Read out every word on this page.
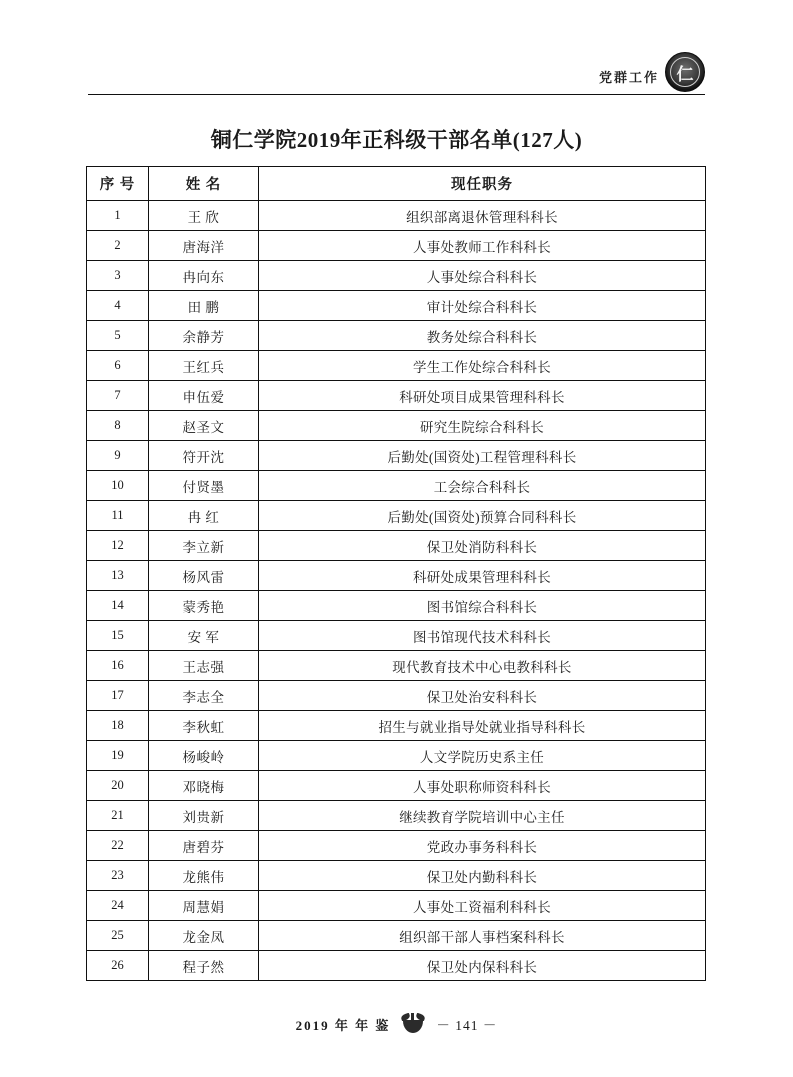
党群工作	仁
铜仁学院2019年正科级干部名单(127人)
序 号	姓 名	现任职务
1	王 欣	组织部离退休管理科科长
2	唐海洋	人事处教师工作科科长
3	冉向东	人事处综合科科长
4	田 鹏	审计处综合科科长
5	余静芳	教务处综合科科长
6	王红兵	学生工作处综合科科长
7	申伍爱	科研处项目成果管理科科长
8	赵圣文	研究生院综合科科长
9	符开沈	后勤处(国资处)工程管理科科长
10	付贤墨	工会综合科科长
11	冉 红	后勤处(国资处)预算合同科科长
12	李立新	保卫处消防科科长
13	杨风雷	科研处成果管理科科长
14	蒙秀艳	图书馆综合科科长
15	安 军	图书馆现代技术科科长
16	王志强	现代教育技术中心电教科科长
17	李志全	保卫处治安科科长
18	李秋虹	招生与就业指导处就业指导科科长
19	杨峻岭	人文学院历史系主任
20	邓晓梅	人事处职称师资科科长
21	刘贵新	继续教育学院培训中心主任
22	唐碧芬	党政办事务科科长
23	龙熊伟	保卫处内勤科科长
24	周慧娟	人事处工资福利科科长
25	龙金凤	组织部干部人事档案科科长
26	程子然	保卫处内保科科长
2019 年 年 鉴	－ 141 －
